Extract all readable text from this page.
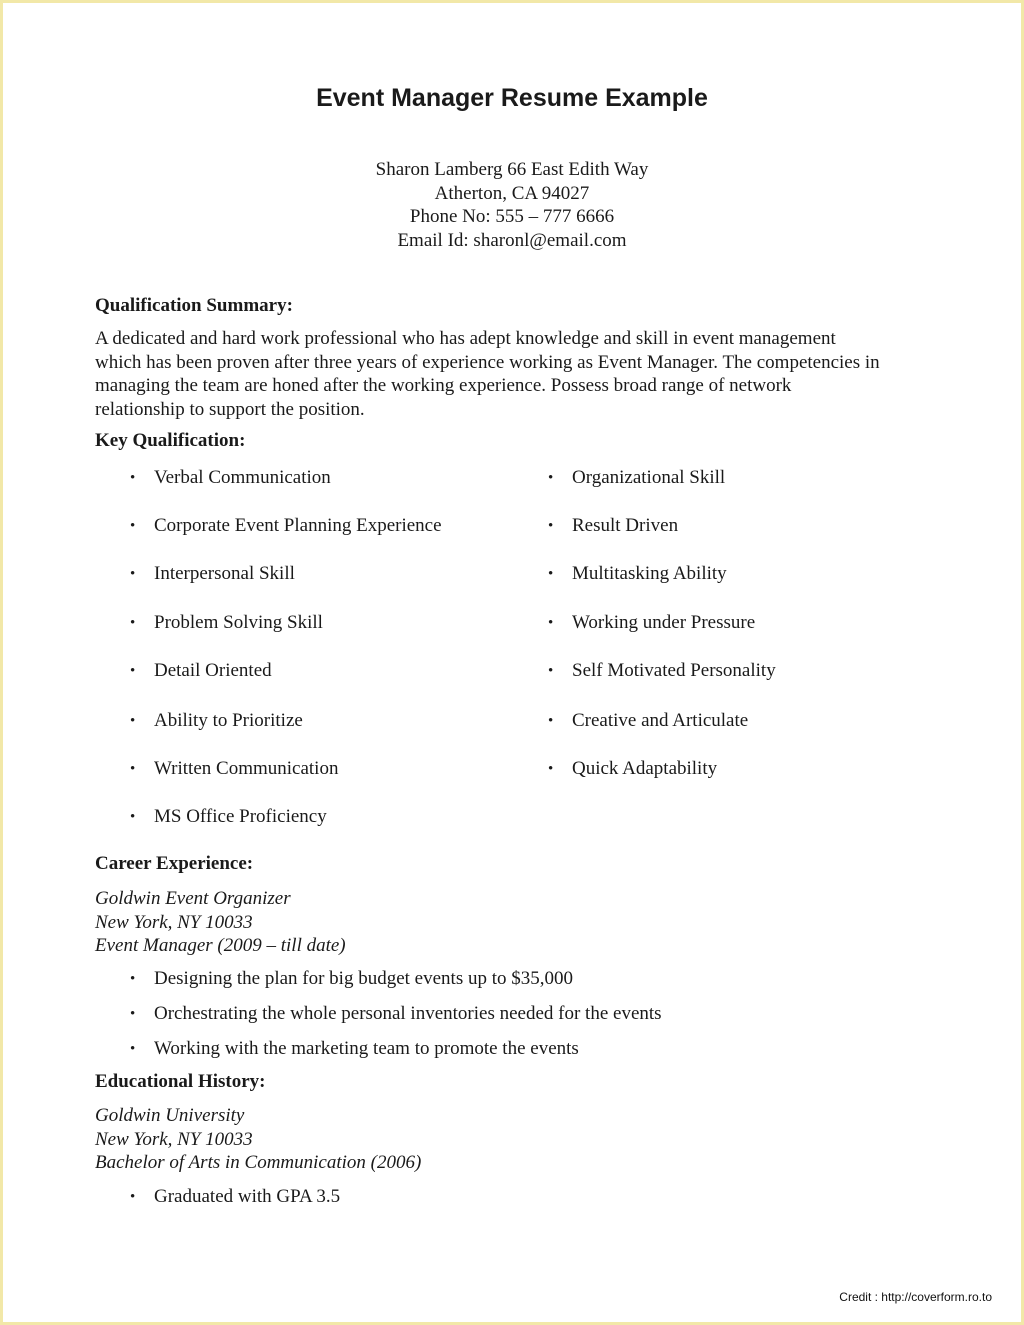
Event Manager Resume Example
Sharon Lamberg 66 East Edith Way
Atherton, CA 94027
Phone No: 555 – 777 6666
Email Id: sharonl@email.com
Qualification Summary:
A dedicated and hard work professional who has adept knowledge and skill in event management
which has been proven after three years of experience working as Event Manager. The competencies in
managing the team are honed after the working experience. Possess broad range of network
relationship to support the position.
Key Qualification:
• Verbal Communication
• Corporate Event Planning Experience
• Interpersonal Skill
• Problem Solving Skill
• Detail Oriented
• Ability to Prioritize
• Written Communication
• MS Office Proficiency
• Organizational Skill
• Result Driven
• Multitasking Ability
• Working under Pressure
• Self Motivated Personality
• Creative and Articulate
• Quick Adaptability
Career Experience:
Goldwin Event Organizer
New York, NY 10033
Event Manager (2009 – till date)
• Designing the plan for big budget events up to $35,000
• Orchestrating the whole personal inventories needed for the events
• Working with the marketing team to promote the events
Educational History:
Goldwin University
New York, NY 10033
Bachelor of Arts in Communication (2006)
• Graduated with GPA 3.5
Credit : http://coverform.ro.to
